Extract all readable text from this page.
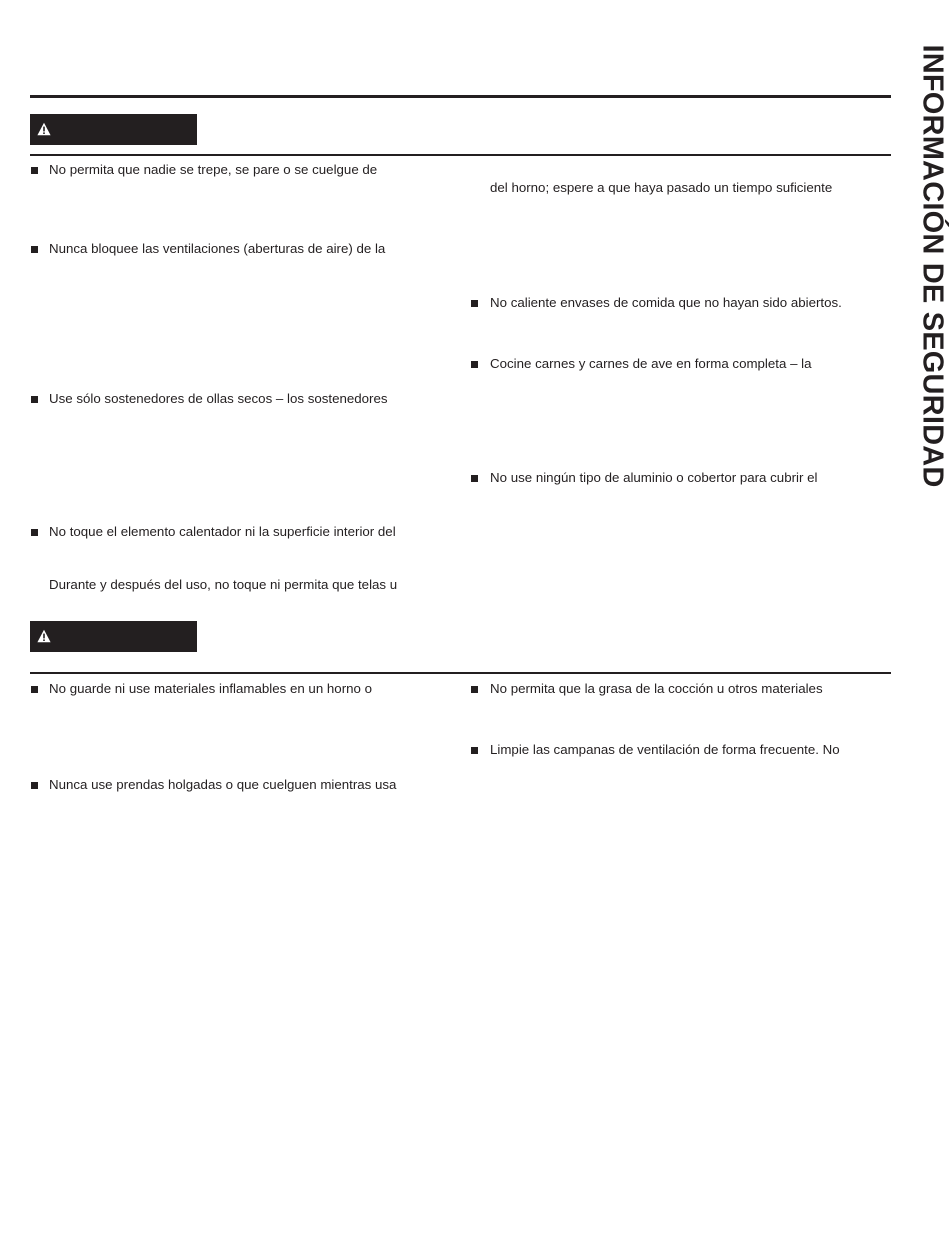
INFORMACIÓN DE SEGURIDAD
No permita que nadie se trepe, se pare o se cuelgue de
Nunca bloquee las ventilaciones (aberturas de aire) de la
Use sólo sostenedores de ollas secos – los sostenedores
No toque el elemento calentador ni la superficie interior del
Durante y después del uso, no toque ni permita que telas u
del horno; espere a que haya pasado un tiempo suficiente
No caliente envases de comida que no hayan sido abiertos.
Cocine carnes y carnes de ave en forma completa – la
No use ningún tipo de aluminio o cobertor para cubrir el
No guarde ni use materiales inflamables en un horno o
Nunca use prendas holgadas o que cuelguen mientras usa
No permita que la grasa de la cocción u otros materiales
Limpie las campanas de ventilación de forma frecuente. No
